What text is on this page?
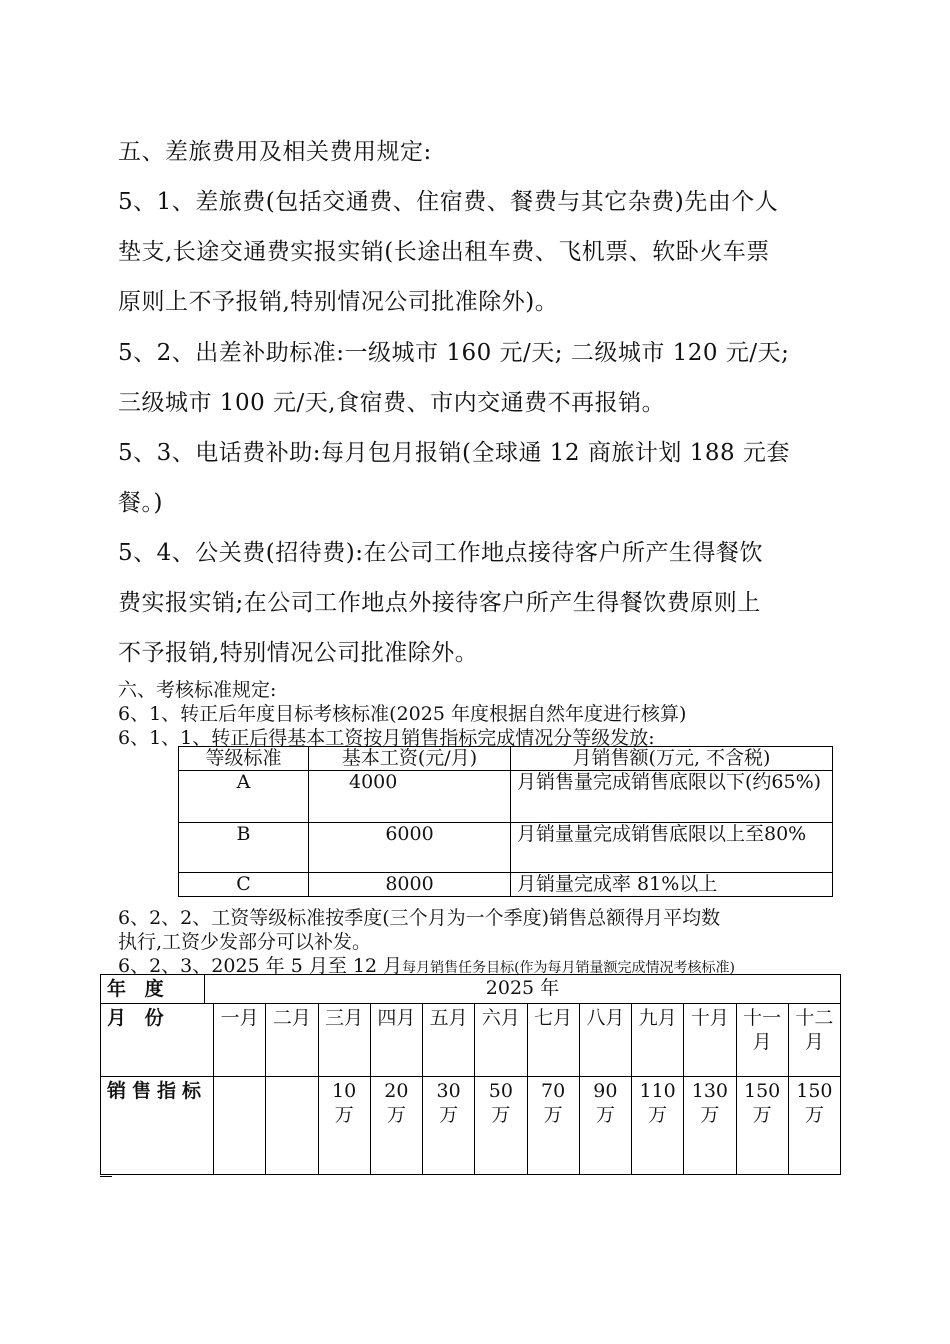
五、差旅费用及相关费用规定:
5、1、差旅费(包括交通费、住宿费、餐费与其它杂费)先由个人
垫支,长途交通费实报实销(长途出租车费、飞机票、软卧火车票
原则上不予报销,特别情况公司批准除外)。
5、2、出差补助标准:一级城市 160 元/天; 二级城市 120 元/天;
三级城市 100 元/天,食宿费、市内交通费不再报销。
5、3、电话费补助:每月包月报销(全球通 12 商旅计划 188 元套
餐。)
5、4、公关费(招待费):在公司工作地点接待客户所产生得餐饮
费实报实销;在公司工作地点外接待客户所产生得餐饮费原则上
不予报销,特别情况公司批准除外。
六、考核标准规定:
6、1、转正后年度目标考核标准(2025 年度根据自然年度进行核算)
6、1、1、转正后得基本工资按月销售指标完成情况分等级发放:
等级标准	基本工资(元/月)	月销售额(万元, 不含税)
A	4000	月销售量完成销售底限以下(约65%)
B	6000	月销量量完成销售底限以上至80%
C	8000	月销量完成率 81%以上
6、2、2、工资等级标准按季度(三个月为一个季度)销售总额得月平均数
执行,工资少发部分可以补发。
6、2、3、2025 年 5 月至 12 月每月销售任务目标(作为每月销量额完成情况考核标准)
年 度	2025 年												
月 份		一月	二月	三月	四月	五月	六月	七月	八月	九月	十月	十一月	十二月
销售指标				10万	20万	30万	50万	70万	90万	110万	130万	150万	150万
